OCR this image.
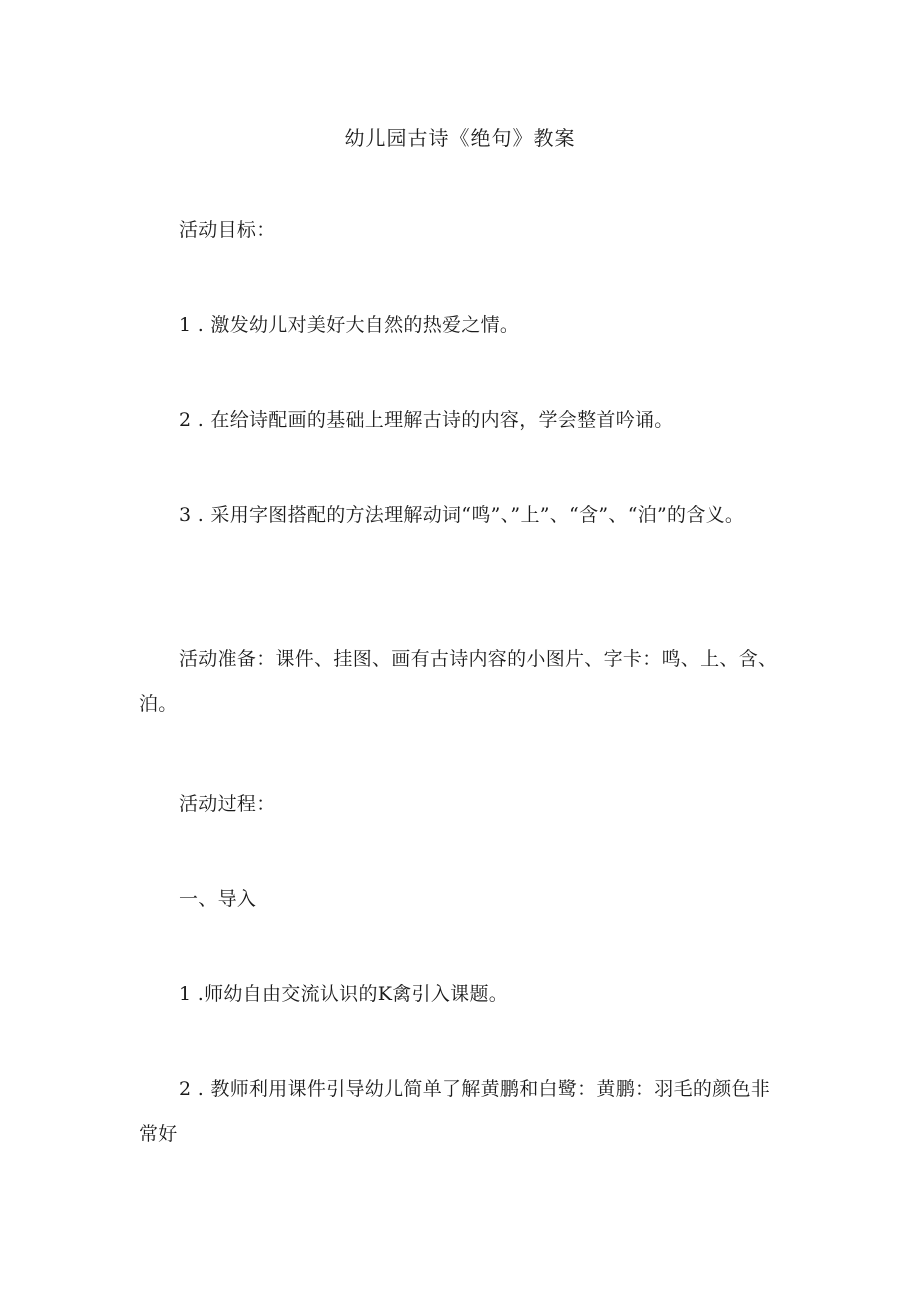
幼儿园古诗《绝句》教案
活动目标：
1 . 激发幼儿对美好大自然的热爱之情。
2 . 在给诗配画的基础上理解古诗的内容，学会整首吟诵。
3 . 采用字图搭配的方法理解动词“鸣”、”上”、“含”、“泊”的含义。
活动准备：课件、挂图、画有古诗内容的小图片、字卡：鸣、上、含、泊。
活动过程：
一、导入
1 .师幼自由交流认识的K禽引入课题。
2 . 教师利用课件引导幼儿简单了解黄鹏和白鹭：黄鹏：羽毛的颜色非常好
